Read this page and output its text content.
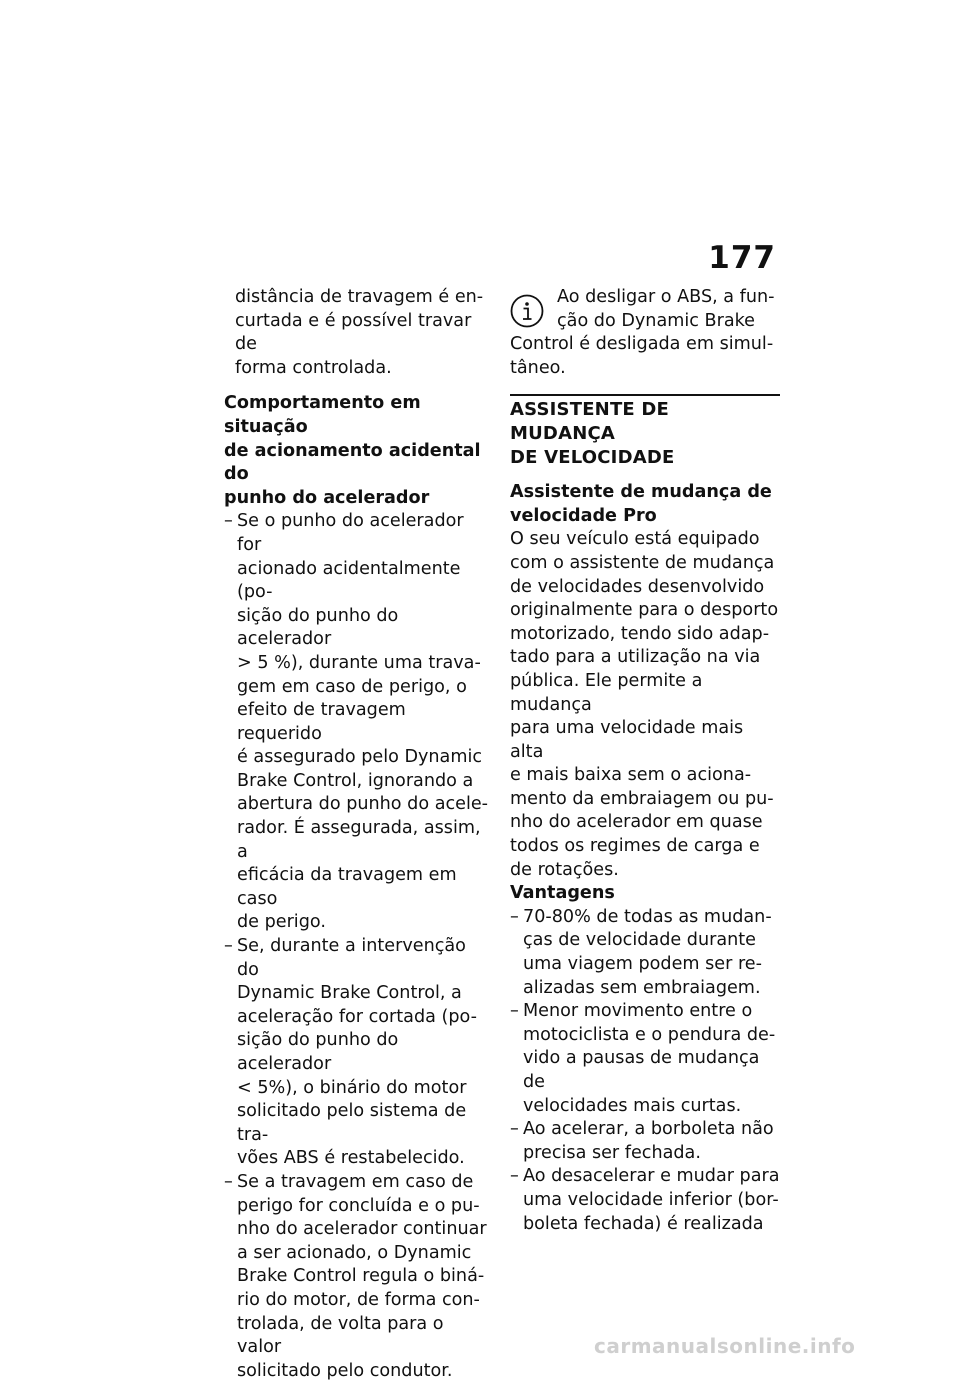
177
distância de travagem é en-
curtada e é possível travar de
forma controlada.
Comportamento em situação
de acionamento acidental do
punho do acelerador
– Se o punho do acelerador for
acionado acidentalmente (po-
sição do punho do acelerador
> 5 %), durante uma trava-
gem em caso de perigo, o
efeito de travagem requerido
é assegurado pelo Dynamic
Brake Control, ignorando a
abertura do punho do acele-
rador. É assegurada, assim, a
eficácia da travagem em caso
de perigo.
– Se, durante a intervenção do
Dynamic Brake Control, a
aceleração for cortada (po-
sição do punho do acelerador
< 5%), o binário do motor
solicitado pelo sistema de tra-
vões ABS é restabelecido.
– Se a travagem em caso de
perigo for concluída e o pu-
nho do acelerador continuar
a ser acionado, o Dynamic
Brake Control regula o biná-
rio do motor, de forma con-
trolada, de volta para o valor
solicitado pelo condutor.
Ao desligar o ABS, a fun-
ção do Dynamic Brake
Control é desligada em simul-
tâneo.
ASSISTENTE DE MUDANÇA
DE VELOCIDADE
Assistente de mudança de
velocidade Pro
O seu veículo está equipado
com o assistente de mudança
de velocidades desenvolvido
originalmente para o desporto
motorizado, tendo sido adap-
tado para a utilização na via
pública. Ele permite a mudança
para uma velocidade mais alta
e mais baixa sem o aciona-
mento da embraiagem ou pu-
nho do acelerador em quase
todos os regimes de carga e
de rotações.
Vantagens
– 70-80% de todas as mudan-
ças de velocidade durante
uma viagem podem ser re-
alizadas sem embraiagem.
– Menor movimento entre o
motociclista e o pendura de-
vido a pausas de mudança de
velocidades mais curtas.
– Ao acelerar, a borboleta não
precisa ser fechada.
– Ao desacelerar e mudar para
uma velocidade inferior (bor-
boleta fechada) é realizada
carmanualsonline.info
